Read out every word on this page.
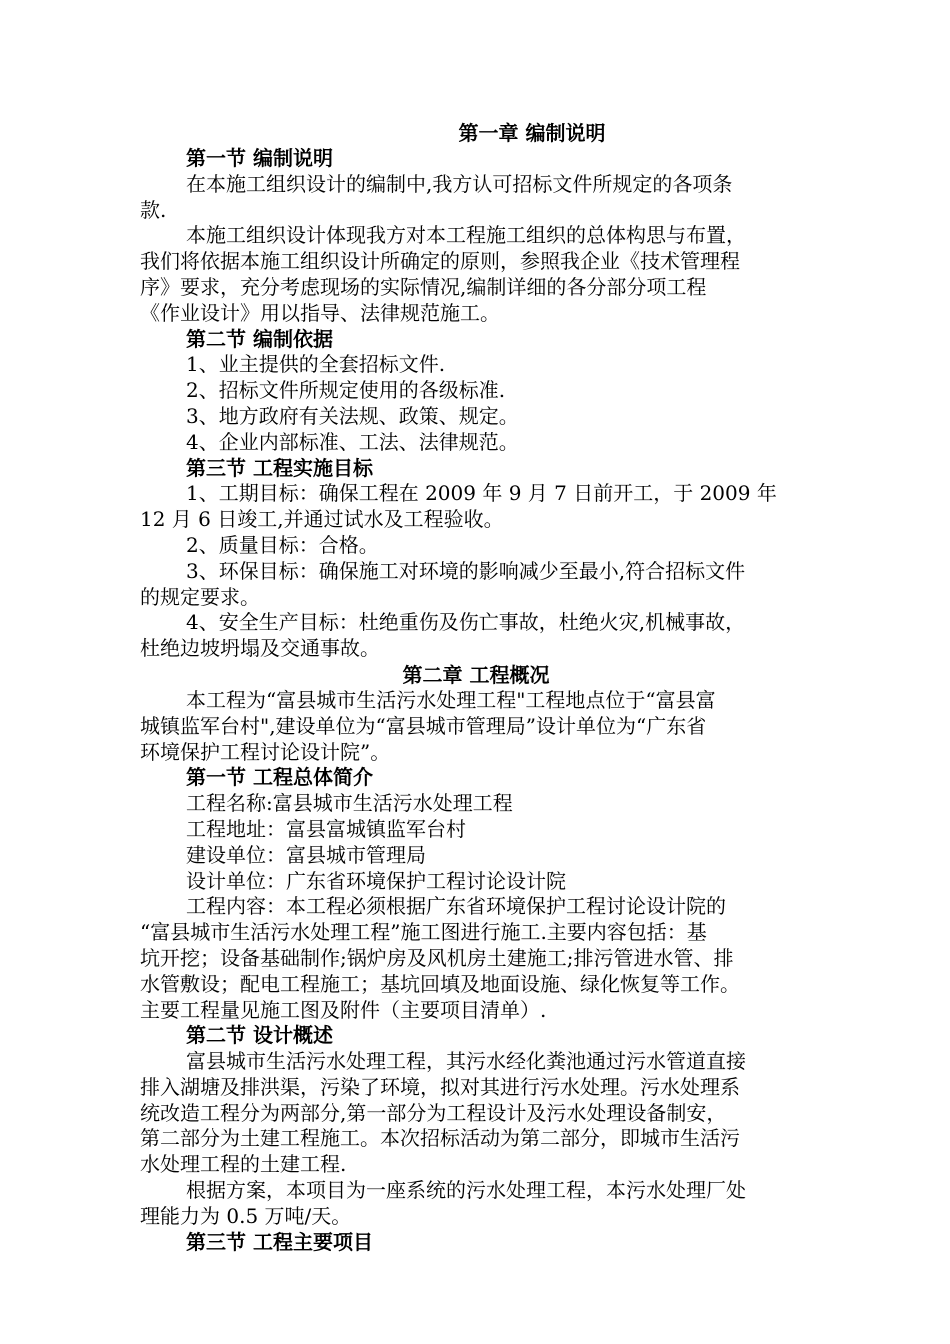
第一章 编制说明
第一节 编制说明
在本施工组织设计的编制中,我方认可招标文件所规定的各项条
款.
本施工组织设计体现我方对本工程施工组织的总体构思与布置，
我们将依据本施工组织设计所确定的原则，参照我企业《技术管理程
序》要求，充分考虑现场的实际情况,编制详细的各分部分项工程
《作业设计》用以指导、法律规范施工。
第二节 编制依据
1、业主提供的全套招标文件.
2、招标文件所规定使用的各级标准.
3、地方政府有关法规、政策、规定。
4、企业内部标准、工法、法律规范。
第三节 工程实施目标
1、工期目标：确保工程在 2009 年 9 月 7 日前开工，于 2009 年
12 月 6 日竣工,并通过试水及工程验收。
2、质量目标：合格。
3、环保目标：确保施工对环境的影响减少至最小,符合招标文件
的规定要求。
4、安全生产目标：杜绝重伤及伤亡事故，杜绝火灾,机械事故，
杜绝边坡坍塌及交通事故。
第二章 工程概况
本工程为“富县城市生活污水处理工程"工程地点位于“富县富
城镇监军台村",建设单位为“富县城市管理局”设计单位为“广东省
环境保护工程讨论设计院”。
第一节 工程总体简介
工程名称:富县城市生活污水处理工程
工程地址：富县富城镇监军台村
建设单位：富县城市管理局
设计单位：广东省环境保护工程讨论设计院
工程内容：本工程必须根据广东省环境保护工程讨论设计院的
“富县城市生活污水处理工程”施工图进行施工.主要内容包括：基
坑开挖；设备基础制作;锅炉房及风机房土建施工;排污管进水管、排
水管敷设；配电工程施工；基坑回填及地面设施、绿化恢复等工作。
主要工程量见施工图及附件（主要项目清单）.
第二节 设计概述
富县城市生活污水处理工程，其污水经化粪池通过污水管道直接
排入湖塘及排洪渠，污染了环境，拟对其进行污水处理。污水处理系
统改造工程分为两部分,第一部分为工程设计及污水处理设备制安，
第二部分为土建工程施工。本次招标活动为第二部分，即城市生活污
水处理工程的土建工程.
根据方案，本项目为一座系统的污水处理工程，本污水处理厂处
理能力为 0.5 万吨/天。
第三节 工程主要项目
